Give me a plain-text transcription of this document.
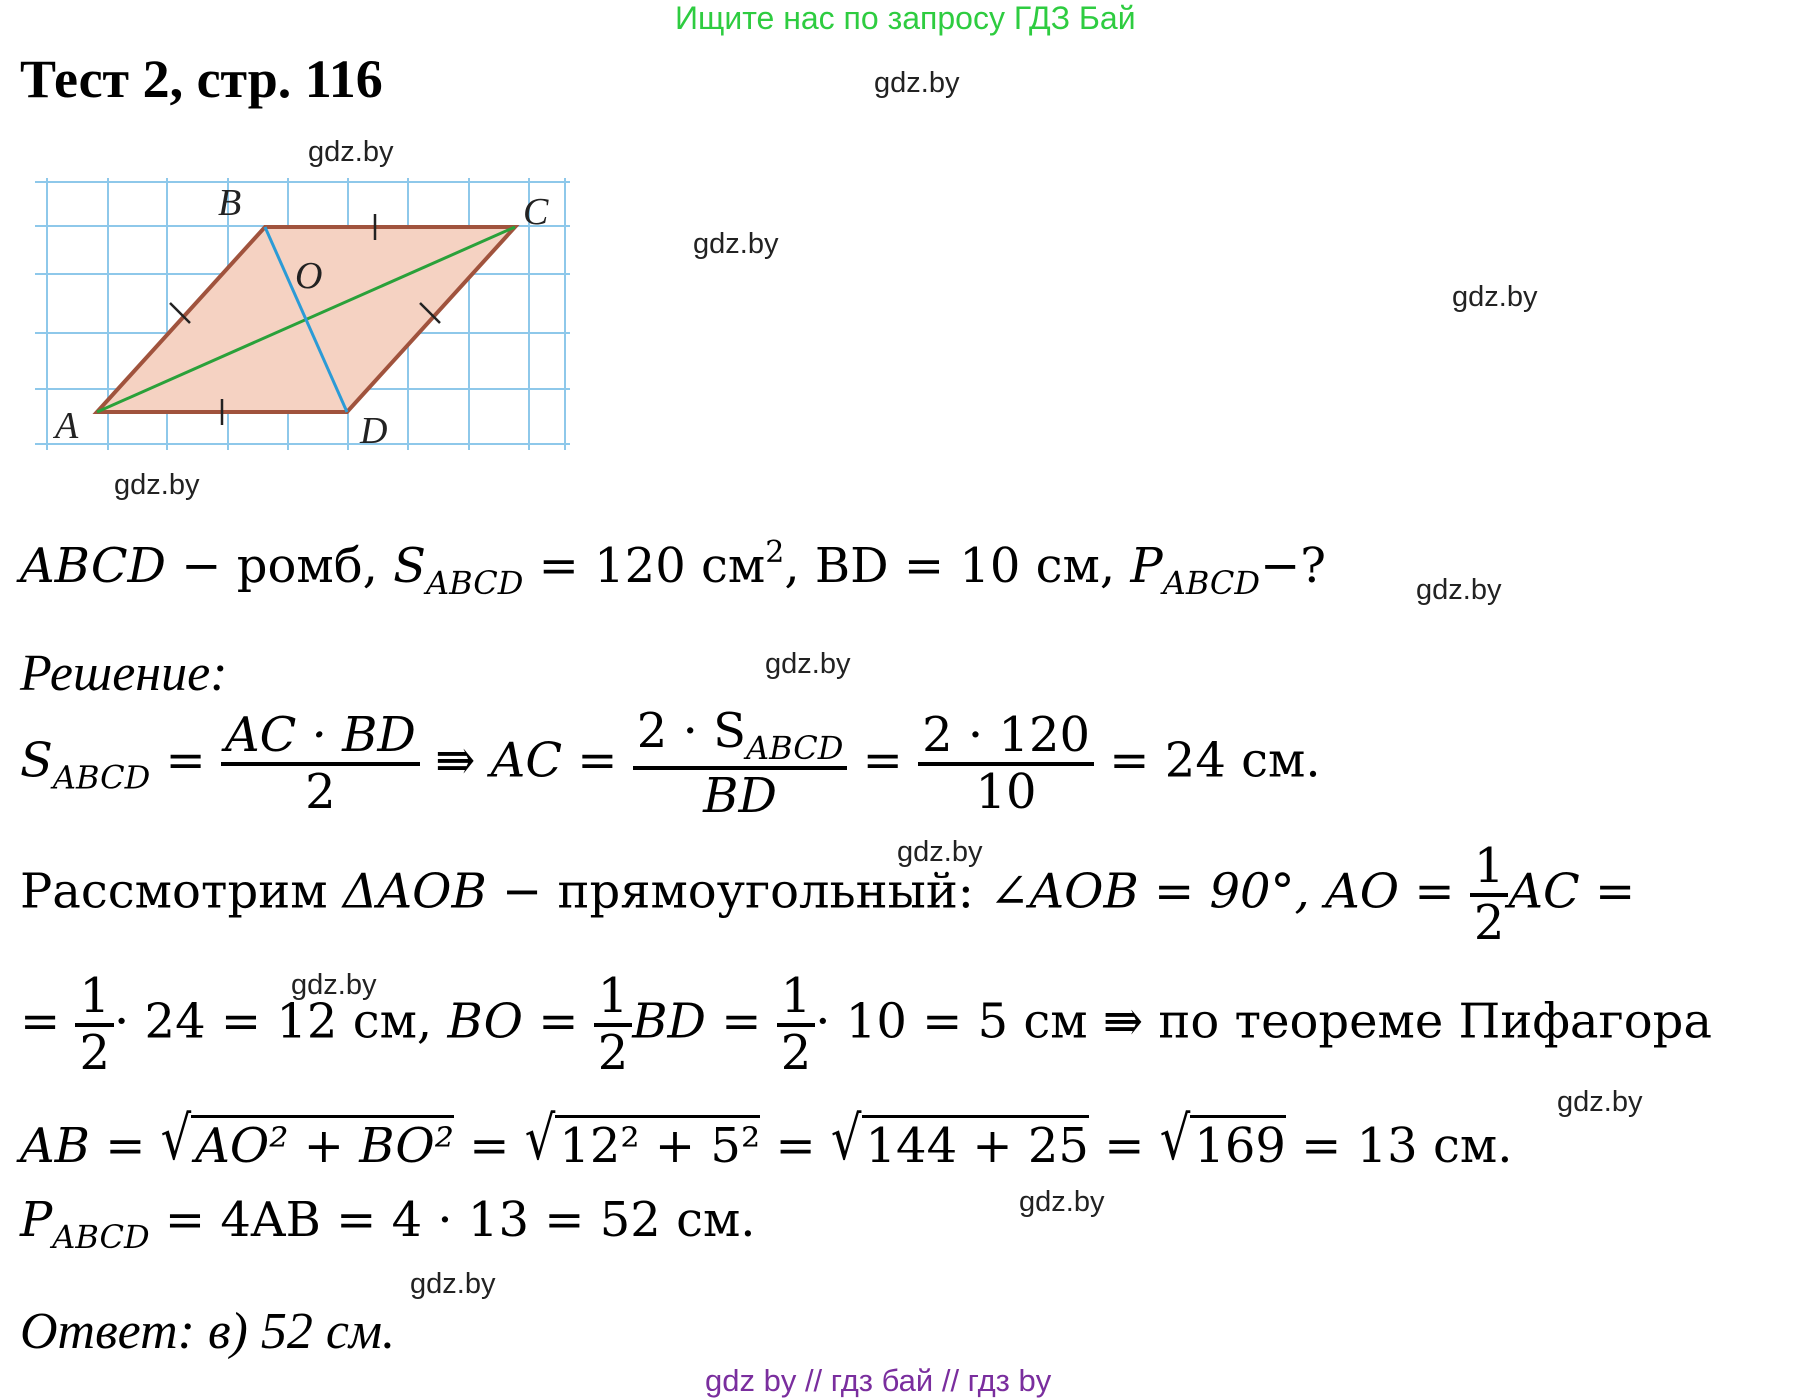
Ищите нас по запросу ГДЗ Бай
Тест 2, стр. 116	gdz.by
gdz.by
gdz.by
gdz.by
gdz.by
gdz.by
gdz.by
gdz.by
gdz.by
gdz.by
gdz.by
gdz.by
A
B	C
D
O
ABCD − ромб, $S_{ABCD} = 120$ $см^2$, BD = 10 см, $P_{ABCD}-$?
Решение:
$S_{ABCD} = \frac{AC \cdot BD}{2}$ ⇛ AC = $\frac{2 \cdot S_{ABCD}}{BD} = \frac{2 \cdot 120}{10} = 24$ см.
Рассмотрим ΔAOB − прямоугольный: ∠AOB = 90°, AO = $\frac{1}{2}$ AC =
= $\frac{1}{2} \cdot 24 = 12$ см, BO = $\frac{1}{2}$ BD = $\frac{1}{2} \cdot 10 = 5$ см ⇛ по теореме Пифагора
AB = √AO² + BO² = √12² + 5² = √144 + 25 = √169 = 13 см.
$P_{ABCD} = 4AB = 4 \cdot 13 = 52$ см.
Ответ: в) 52 см.
gdz by // гдз бай // гдз by
